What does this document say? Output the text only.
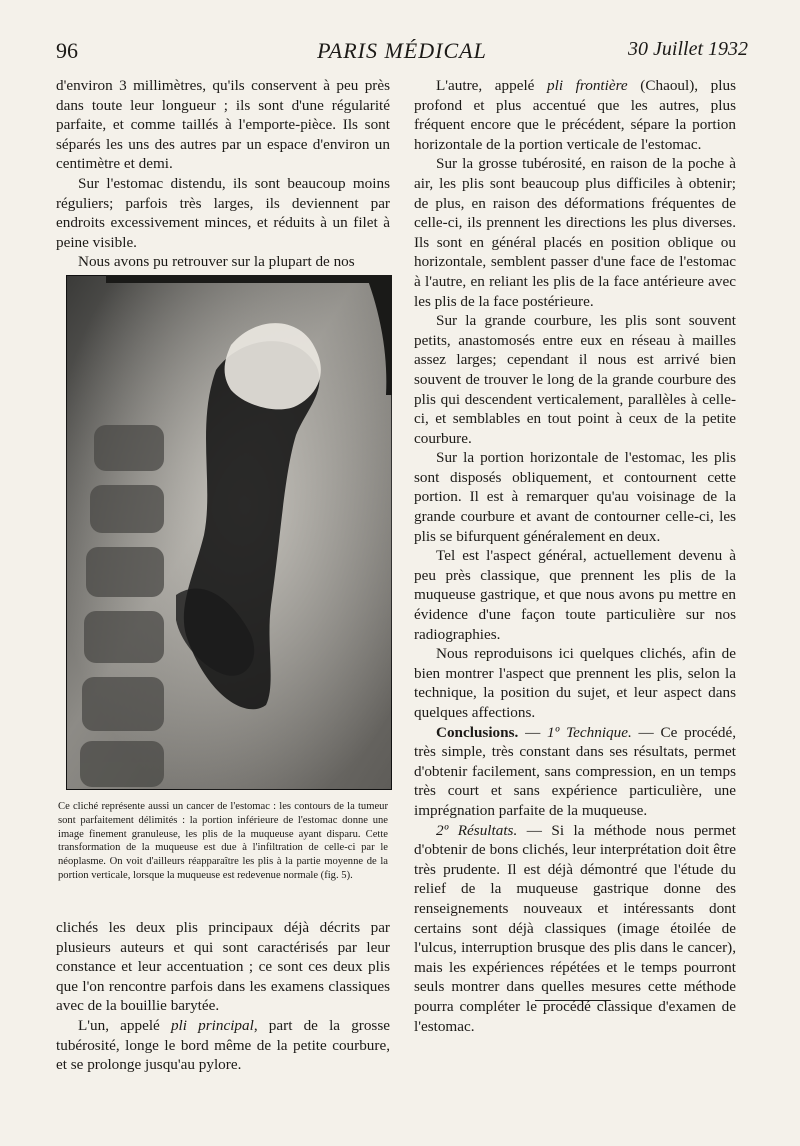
96	PARIS MÉDICAL	30 Juillet 1932

d'environ 3 millimètres, qu'ils conservent à peu près dans toute leur longueur ; ils sont d'une régularité parfaite, et comme taillés à l'emporte-pièce. Ils sont séparés les uns des autres par un espace d'environ un centimètre et demi.

Sur l'estomac distendu, ils sont beaucoup moins réguliers; parfois très larges, ils deviennent par endroits excessivement minces, et réduits à un filet à peine visible.

Nous avons pu retrouver sur la plupart de nos

Ce cliché représente aussi un cancer de l'estomac : les contours de la tumeur sont parfaitement délimités : la portion inférieure de l'estomac donne une image finement granuleuse, les plis de la muqueuse ayant disparu. Cette transformation de la muqueuse est due à l'infiltration de celle-ci par le néoplasme. On voit d'ailleurs réapparaître les plis à la partie moyenne de la portion verticale, lorsque la muqueuse est redevenue normale (fig. 5).

clichés les deux plis principaux déjà décrits par plusieurs auteurs et qui sont caractérisés par leur constance et leur accentuation ; ce sont ces deux plis que l'on rencontre parfois dans les examens classiques avec de la bouillie barytée.

L'un, appelé pli principal, part de la grosse tubérosité, longe le bord même de la petite courbure, et se prolonge jusqu'au pylore.

L'autre, appelé pli frontière (Chaoul), plus profond et plus accentué que les autres, plus fréquent encore que le précédent, sépare la portion horizontale de la portion verticale de l'estomac.

Sur la grosse tubérosité, en raison de la poche à air, les plis sont beaucoup plus difficiles à obtenir; de plus, en raison des déformations fréquentes de celle-ci, ils prennent les directions les plus diverses. Ils sont en général placés en position oblique ou horizontale, semblent passer d'une face de l'estomac à l'autre, en reliant les plis de la face antérieure avec les plis de la face postérieure.

Sur la grande courbure, les plis sont souvent petits, anastomosés entre eux en réseau à mailles assez larges; cependant il nous est arrivé bien souvent de trouver le long de la grande courbure des plis qui descendent verticalement, parallèles à celle-ci, et semblables en tout point à ceux de la petite courbure.

Sur la portion horizontale de l'estomac, les plis sont disposés obliquement, et contournent cette portion. Il est à remarquer qu'au voisinage de la grande courbure et avant de contourner celle-ci, les plis se bifurquent généralement en deux.

Tel est l'aspect général, actuellement devenu à peu près classique, que prennent les plis de la muqueuse gastrique, et que nous avons pu mettre en évidence d'une façon toute particulière sur nos radiographies.

Nous reproduisons ici quelques clichés, afin de bien montrer l'aspect que prennent les plis, selon la technique, la position du sujet, et leur aspect dans quelques affections.

Conclusions. — 1º Technique. — Ce procédé, très simple, très constant dans ses résultats, permet d'obtenir facilement, sans compression, en un temps très court et sans expérience particulière, une imprégnation parfaite de la muqueuse.

2º Résultats. — Si la méthode nous permet d'obtenir de bons clichés, leur interprétation doit être très prudente. Il est déjà démontré que l'étude du relief de la muqueuse gastrique donne des renseignements nouveaux et intéressants dont certains sont déjà classiques (image étoilée de l'ulcus, interruption brusque des plis dans le cancer), mais les expériences répétées et le temps pourront seuls montrer dans quelles mesures cette méthode pourra compléter le procédé classique d'examen de l'estomac.
